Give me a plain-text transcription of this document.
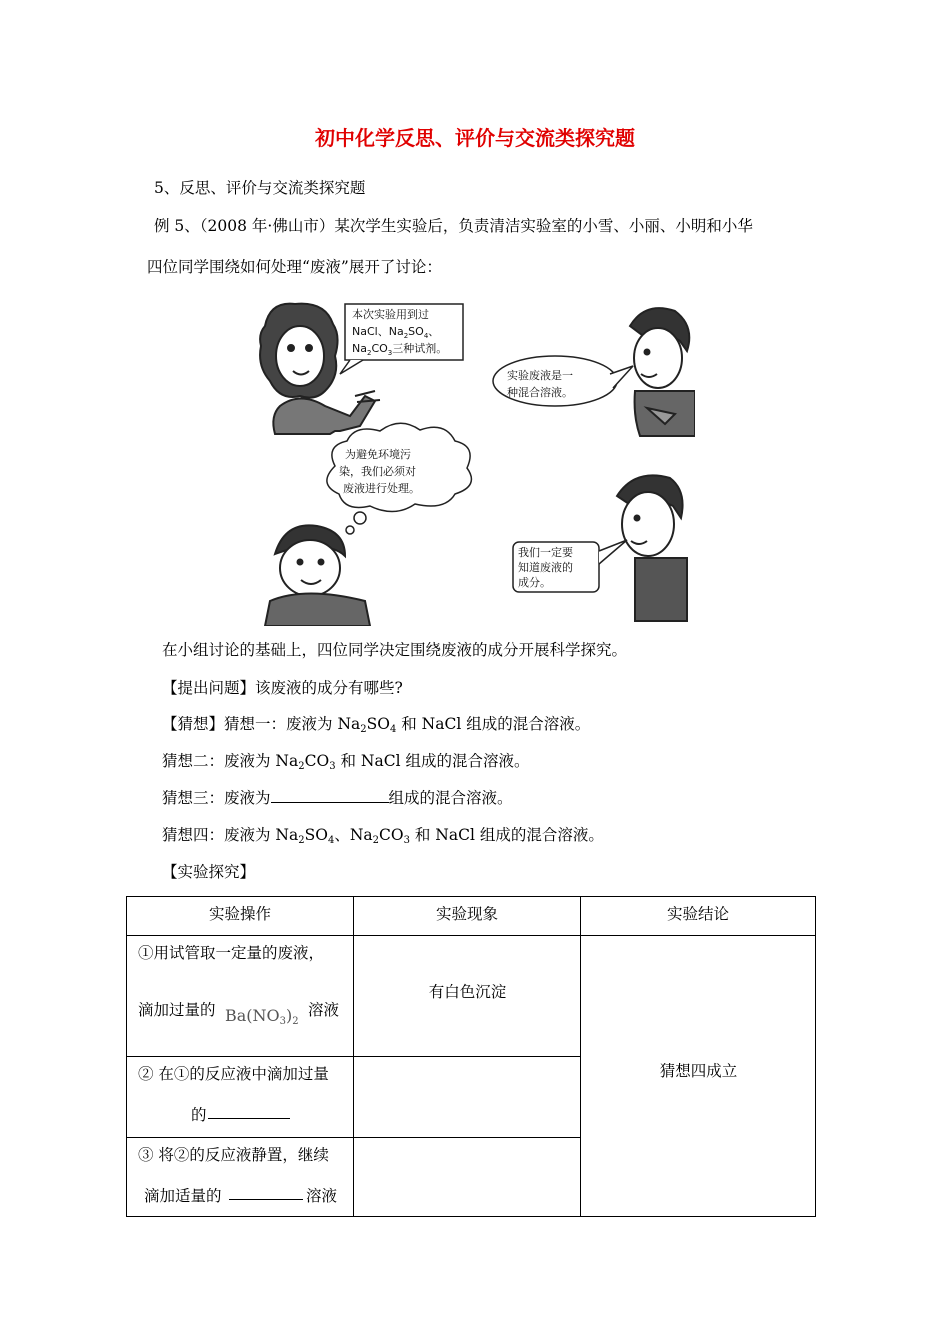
初中化学反思、评价与交流类探究题
5、反思、评价与交流类探究题
例 5、（2008 年·佛山市）某次学生实验后，负责清洁实验室的小雪、小丽、小明和小华
四位同学围绕如何处理“废液”展开了讨论：
本次实验用到过
NaCl、$Na_2SO_4$、
$Na_2CO_3$三种试剂。
实验废液是一
种混合溶液。
为避免环境污
染，我们必须对
废液进行处理。
我们一定要
知道废液的
成分。
在小组讨论的基础上，四位同学决定围绕废液的成分开展科学探究。
【提出问题】该废液的成分有哪些?
【猜想】猜想一：废液为 $Na_2SO_4$ 和 NaCl 组成的混合溶液。
猜想二：废液为 $Na_2CO_3$ 和 NaCl 组成的混合溶液。
猜想三：废液为	组成的混合溶液。
猜想四：废液为 $Na_2SO_4$、$Na_2CO_3$ 和 NaCl 组成的混合溶液。
【实验探究】
实验操作	实验现象	实验结论

①用试管取一定量的废液，
滴加过量的 $Ba(NO_3)_2$
溶液	有白色沉淀	猜想四成立

② 在①的反应液中滴加过量
的		

③ 将②的反应液静置，继续
滴加适量的 溶液		
